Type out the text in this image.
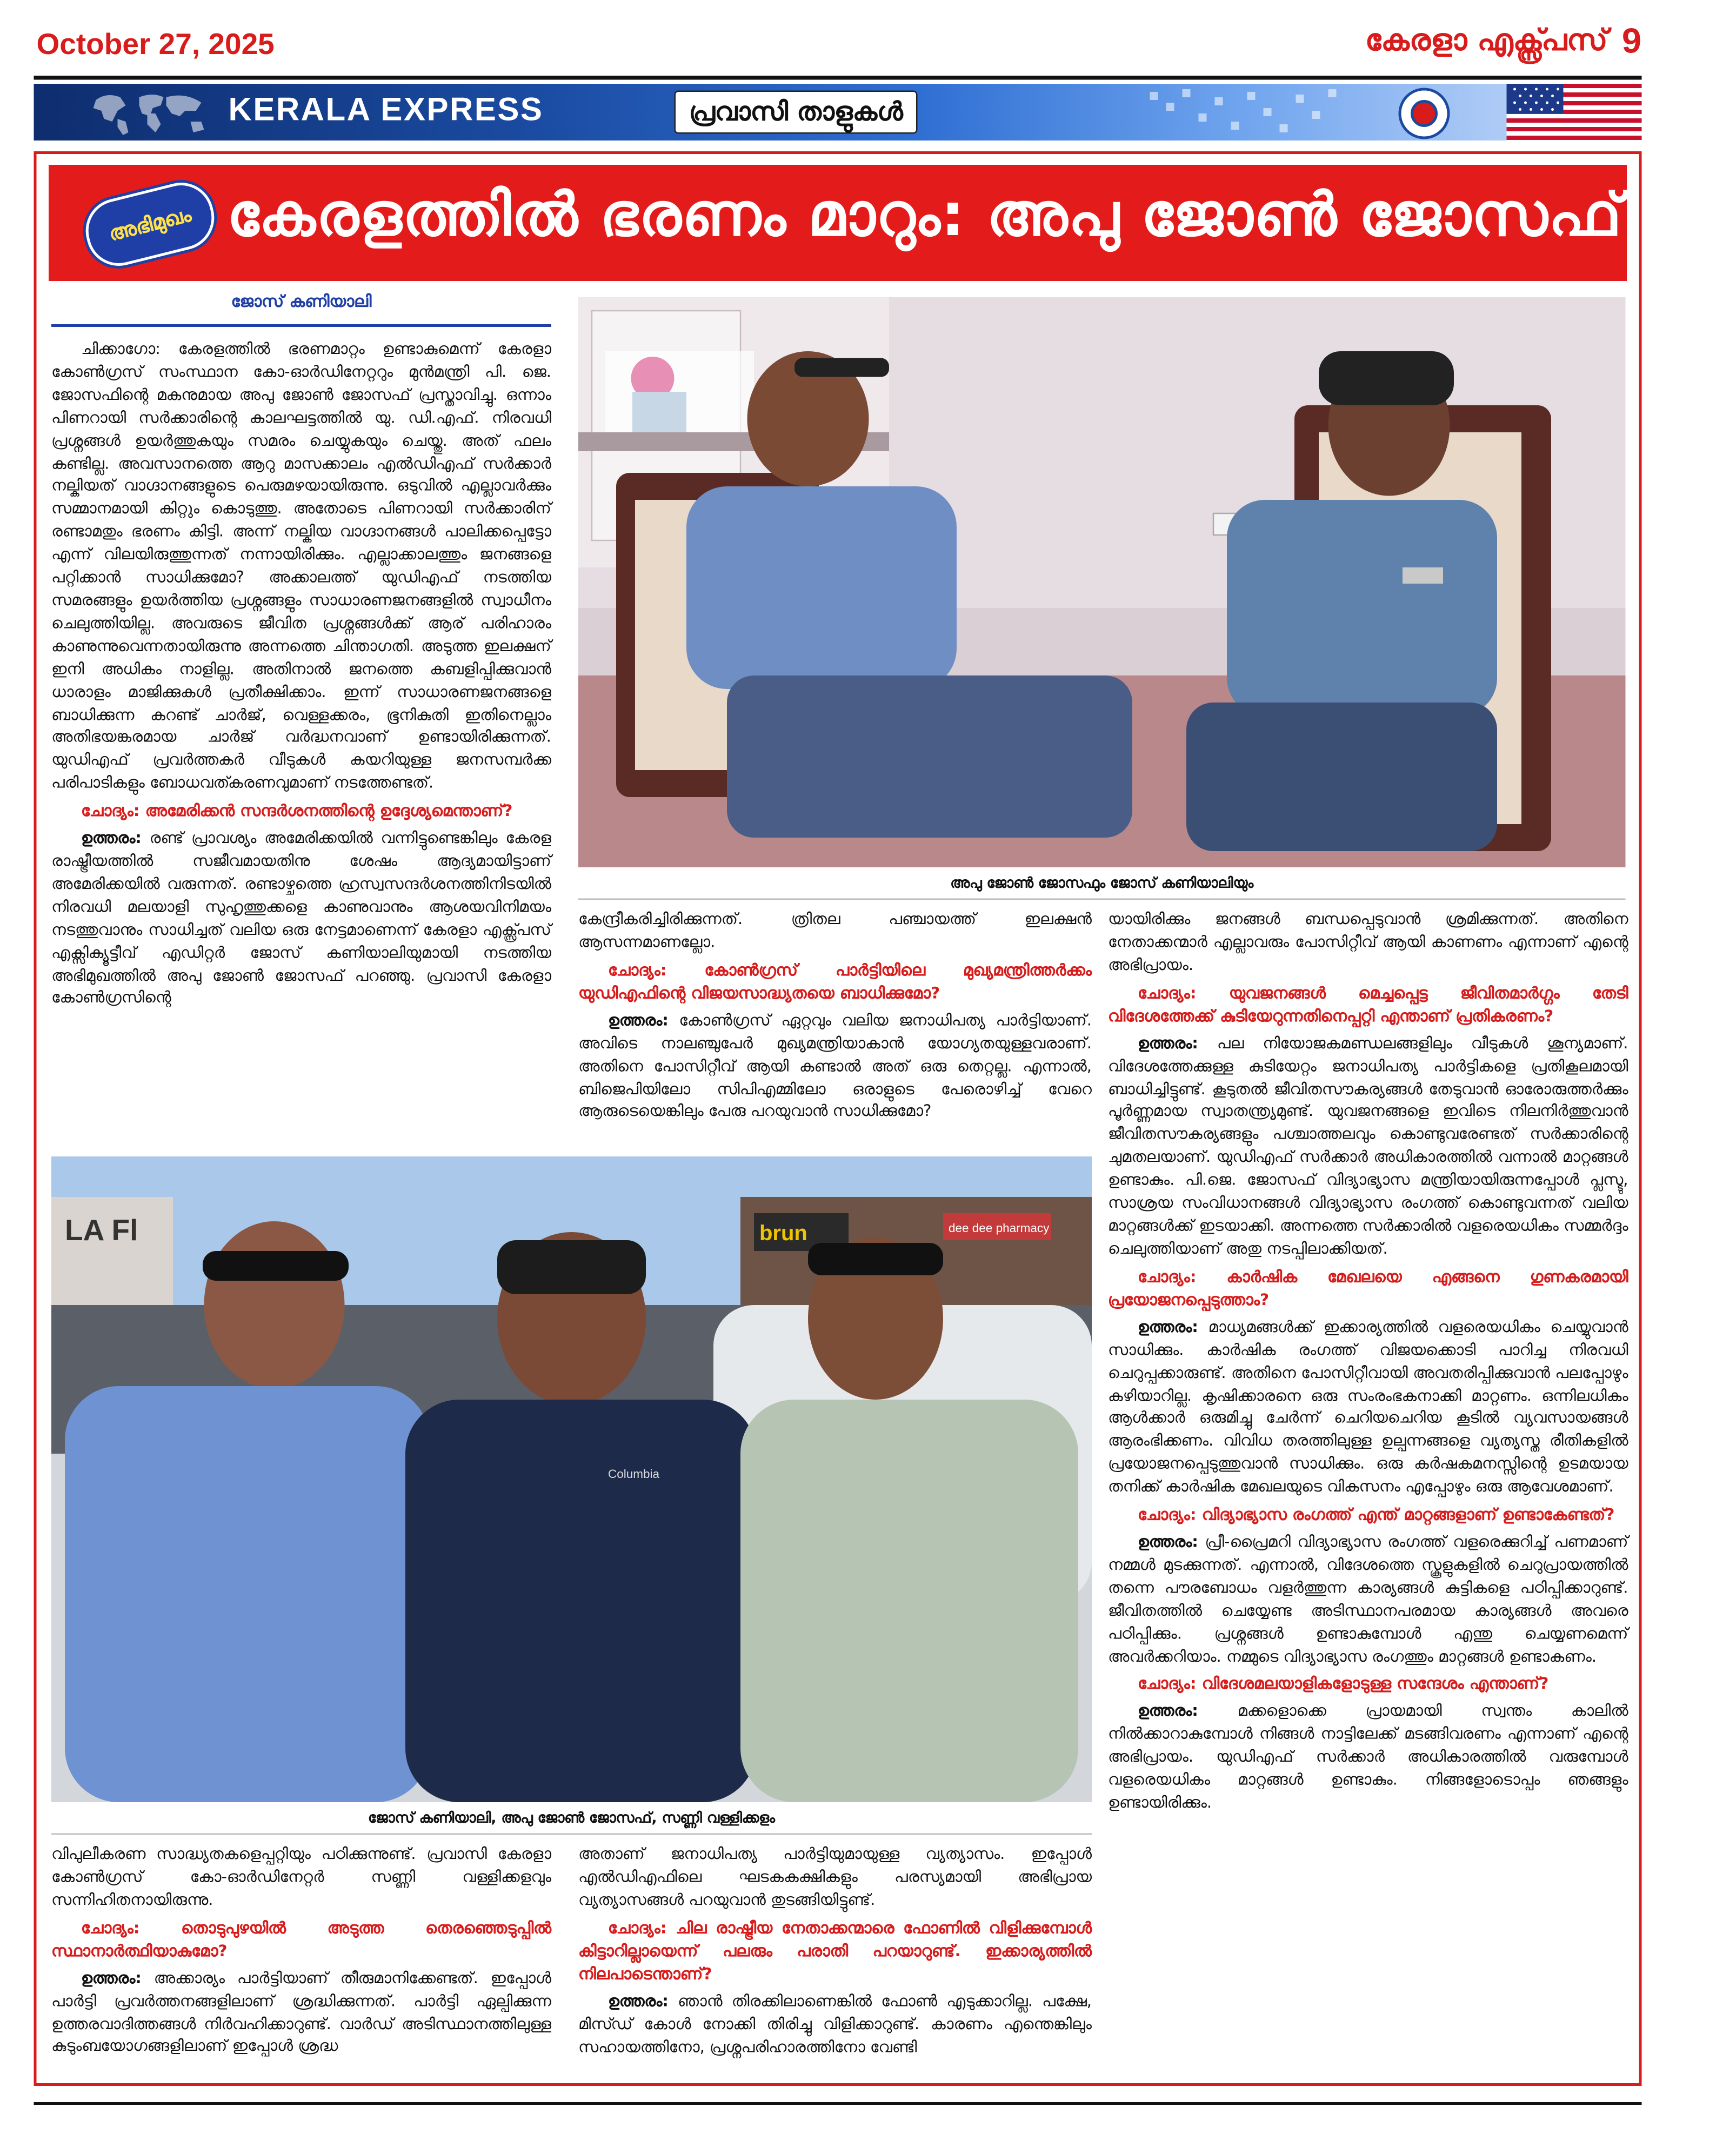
October 27, 2025	കേരളാ എക്സ്പ്രസ് 9
KERALA EXPRESS	പ്രവാസി താളുകൾ
അഭിമുഖം	കേരളത്തിൽ ഭരണം മാറും: അപു ജോൺ ജോസഫ്
ജോസ് കണിയാലി

ചിക്കാഗോ: കേരളത്തിൽ ഭരണമാറ്റം ഉണ്ടാകുമെന്ന് കേരളാ കോൺഗ്രസ് സംസ്ഥാന കോ-ഓർഡിനേറ്ററും മുൻമന്ത്രി പി. ജെ. ജോസഫിന്റെ മകനുമായ അപു ജോൺ ജോസഫ് പ്രസ്താവിച്ചു. ഒന്നാം പിണറായി സർക്കാരിന്റെ കാലഘട്ടത്തിൽ യു. ഡി.എഫ്. നിരവധി പ്രശ്നങ്ങൾ ഉയർത്തുകയും സമരം ചെയ്യുകയും ചെയ്തു. അത് ഫലം കണ്ടില്ല. അവസാനത്തെ ആറു മാസക്കാലം എൽഡിഎഫ് സർക്കാർ നല്കിയത് വാഗ്ദാനങ്ങളുടെ പെരുമഴയായിരുന്നു. ഒടുവിൽ എല്ലാവർക്കും സമ്മാനമായി കിറ്റും കൊടുത്തു. അതോടെ പിണറായി സർക്കാരിന് രണ്ടാമതും ഭരണം കിട്ടി. അന്ന് നല്കിയ വാഗ്ദാനങ്ങൾ പാലിക്കപ്പെട്ടോ എന്ന് വിലയിരുത്തുന്നത് നന്നായിരിക്കും. എല്ലാക്കാലത്തും ജനങ്ങളെ പറ്റിക്കാൻ സാധിക്കുമോ? അക്കാലത്ത് യുഡിഎഫ് നടത്തിയ സമരങ്ങളും ഉയർത്തിയ പ്രശ്നങ്ങളും സാധാരണജനങ്ങളിൽ സ്വാധീനം ചെലുത്തിയില്ല. അവരുടെ ജീവിത പ്രശ്നങ്ങൾക്ക് ആര് പരിഹാരം കാണുന്നുവെന്നതായിരുന്നു അന്നത്തെ ചിന്താഗതി. അടുത്ത ഇലക്ഷന് ഇനി അധികം നാളില്ല. അതിനാൽ ജനത്തെ കബളിപ്പിക്കുവാൻ ധാരാളം മാജിക്കുകൾ പ്രതീക്ഷിക്കാം. ഇന്ന് സാധാരണജനങ്ങളെ ബാധിക്കുന്ന കറണ്ട് ചാർജ്, വെള്ളക്കരം, ഭൂനികുതി ഇതിനെല്ലാം അതിഭയങ്കരമായ ചാർജ് വർദ്ധനവാണ് ഉണ്ടായിരിക്കുന്നത്. യുഡിഎഫ് പ്രവർത്തകർ വീടുകൾ കയറിയുള്ള ജനസമ്പർക്ക പരിപാടികളും ബോധവത്കരണവുമാണ് നടത്തേണ്ടത്.

ചോദ്യം: അമേരിക്കൻ സന്ദർശനത്തിന്റെ ഉദ്ദേശ്യമെന്താണ്?

ഉത്തരം: രണ്ട് പ്രാവശ്യം അമേരിക്കയിൽ വന്നിട്ടുണ്ടെങ്കിലും കേരള രാഷ്ട്രീയത്തിൽ സജീവമായതിനു ശേഷം ആദ്യമായിട്ടാണ് അമേരിക്കയിൽ വരുന്നത്. രണ്ടാഴ്ചത്തെ ഹ്രസ്വസന്ദർശനത്തിനിടയിൽ നിരവധി മലയാളി സുഹൃത്തുക്കളെ കാണുവാനും ആശയവിനിമയം നടത്തുവാനും സാധിച്ചത് വലിയ ഒരു നേട്ടമാണെന്ന് കേരളാ എക്സ്പ്രസ് എക്സിക്യൂട്ടീവ് എഡിറ്റർ ജോസ് കണിയാലിയുമായി നടത്തിയ അഭിമുഖത്തിൽ അപു ജോൺ ജോസഫ് പറഞ്ഞു. പ്രവാസി കേരളാ കോൺഗ്രസിന്റെ

അപു ജോൺ ജോസഫും ജോസ് കണിയാലിയും

കേന്ദ്രീകരിച്ചിരിക്കുന്നത്. ത്രിതല പഞ്ചായത്ത് ഇലക്ഷൻ ആസന്നമാണല്ലോ.

ചോദ്യം: കോൺഗ്രസ് പാർട്ടിയിലെ മുഖ്യമന്ത്രിത്തർക്കം യുഡിഎഫിന്റെ വിജയസാദ്ധ്യതയെ ബാധിക്കുമോ?

ഉത്തരം: കോൺഗ്രസ് ഏറ്റവും വലിയ ജനാധിപത്യ പാർട്ടിയാണ്. അവിടെ നാലഞ്ചുപേർ മുഖ്യമന്ത്രിയാകാൻ യോഗ്യതയുള്ളവരാണ്. അതിനെ പോസിറ്റീവ് ആയി കണ്ടാൽ അത് ഒരു തെറ്റല്ല. എന്നാൽ, ബിജെപിയിലോ സിപിഎമ്മിലോ ഒരാളുടെ പേരൊഴിച്ച് വേറെ ആരുടെയെങ്കിലും പേരു പറയുവാൻ സാധിക്കുമോ?

യായിരിക്കും ജനങ്ങൾ ബന്ധപ്പെടുവാൻ ശ്രമിക്കുന്നത്. അതിനെ നേതാക്കന്മാർ എല്ലാവരും പോസിറ്റീവ് ആയി കാണണം എന്നാണ് എന്റെ അഭിപ്രായം.

ചോദ്യം: യുവജനങ്ങൾ മെച്ചപ്പെട്ട ജീവിതമാർഗ്ഗം തേടി വിദേശത്തേക്ക് കുടിയേറുന്നതിനെപ്പറ്റി എന്താണ് പ്രതികരണം?

ഉത്തരം:	പല നിയോജകമണ്ഡലങ്ങളിലും വീടുകൾ ശൂന്യമാണ്. വിദേശത്തേക്കുള്ള കുടിയേറ്റം ജനാധിപത്യ പാർട്ടികളെ പ്രതികൂലമായി ബാധിച്ചിട്ടുണ്ട്. കൂടുതൽ ജീവിതസൗകര്യങ്ങൾ തേടുവാൻ ഓരോരുത്തർക്കും പൂർണ്ണമായ സ്വാതന്ത്ര്യമുണ്ട്. യുവജനങ്ങളെ ഇവിടെ നിലനിർത്തുവാൻ ജീവിതസൗകര്യങ്ങളും പശ്ചാത്തലവും കൊണ്ടുവരേണ്ടത് സർക്കാരിന്റെ ചുമതലയാണ്. യുഡിഎഫ് സർക്കാർ അധികാരത്തിൽ വന്നാൽ മാറ്റങ്ങൾ ഉണ്ടാകും. പി.ജെ. ജോസഫ് വിദ്യാഭ്യാസ മന്ത്രിയായിരുന്നപ്പോൾ പ്ലസ്ടു, സാശ്രയ സംവിധാനങ്ങൾ വിദ്യാഭ്യാസ രംഗത്ത് കൊണ്ടുവന്നത് വലിയ മാറ്റങ്ങൾക്ക് ഇടയാക്കി. അന്നത്തെ സർക്കാരിൽ വളരെയധികം സമ്മർദ്ദം ചെലുത്തിയാണ് അതു നടപ്പിലാക്കിയത്.

ചോദ്യം: കാർഷിക മേഖലയെ എങ്ങനെ ഗുണകരമായി പ്രയോജനപ്പെടുത്താം?

ഉത്തരം: മാധ്യമങ്ങൾക്ക് ഇക്കാര്യത്തിൽ വളരെയധികം ചെയ്യുവാൻ സാധിക്കും. കാർഷിക രംഗത്ത് വിജയക്കൊടി പാറിച്ച നിരവധി ചെറുപ്പക്കാരുണ്ട്. അതിനെ പോസിറ്റീവായി അവതരിപ്പിക്കുവാൻ പലപ്പോഴും കഴിയാറില്ല. കൃഷിക്കാരനെ ഒരു സംരംഭകനാക്കി മാറ്റണം. ഒന്നിലധികം ആൾക്കാർ ഒരുമിച്ചു ചേർന്ന് ചെറിയചെറിയ കൂടിൽ വ്യവസായങ്ങൾ ആരംഭിക്കണം. വിവിധ തരത്തിലുള്ള ഉല്പന്നങ്ങളെ വ്യത്യസ്ത രീതികളിൽ പ്രയോജനപ്പെടുത്തുവാൻ സാധിക്കും. ഒരു കർഷകമനസ്സിന്റെ ഉടമയായ തനിക്ക് കാർഷിക മേഖലയുടെ വികസനം എപ്പോഴും ഒരു ആവേശമാണ്.

ചോദ്യം: വിദ്യാഭ്യാസ രംഗത്ത് എന്ത് മാറ്റങ്ങളാണ് ഉണ്ടാകേണ്ടത്?

ഉത്തരം: പ്രീ-പ്രൈമറി വിദ്യാഭ്യാസ രംഗത്ത് വളരെക്കുറിച്ച് പണമാണ് നമ്മൾ മുടക്കുന്നത്. എന്നാൽ, വിദേശത്തെ സ്കൂളുകളിൽ ചെറുപ്രായത്തിൽ തന്നെ പൗരബോധം വളർത്തുന്ന കാര്യങ്ങൾ കുട്ടികളെ പഠിപ്പിക്കാറുണ്ട്. ജീവിതത്തിൽ ചെയ്യേണ്ട അടിസ്ഥാനപരമായ കാര്യങ്ങൾ അവരെ പഠിപ്പിക്കും. പ്രശ്നങ്ങൾ ഉണ്ടാകുമ്പോൾ എന്തു ചെയ്യണമെന്ന് അവർക്കറിയാം. നമ്മുടെ വിദ്യാഭ്യാസ രംഗത്തും മാറ്റങ്ങൾ ഉണ്ടാകണം.

ചോദ്യം: വിദേശമലയാളികളോടുള്ള സന്ദേശം എന്താണ്?

ഉത്തരം:	മക്കളൊക്കെ പ്രായമായി സ്വന്തം കാലിൽ നിൽക്കാറാകുമ്പോൾ നിങ്ങൾ നാട്ടിലേക്ക് മടങ്ങിവരണം എന്നാണ് എന്റെ അഭിപ്രായം. യുഡിഎഫ് സർക്കാർ അധികാരത്തിൽ വരുമ്പോൾ വളരെയധികം മാറ്റങ്ങൾ ഉണ്ടാകും. നിങ്ങളോടൊപ്പം ഞങ്ങളും ഉണ്ടായിരിക്കും.

LA Fl	brun	dee dee pharmacy
Columbia
ജോസ് കണിയാലി, അപു ജോൺ ജോസഫ്, സണ്ണി വള്ളിക്കളം

വിപുലീകരണ സാദ്ധ്യതകളെപ്പറ്റിയും പഠിക്കുന്നുണ്ട്. പ്രവാസി കേരളാ കോൺഗ്രസ് കോ-ഓർഡിനേറ്റർ സണ്ണി വള്ളിക്കളവും സന്നിഹിതനായിരുന്നു.

ചോദ്യം: തൊടുപുഴയിൽ അടുത്ത തെരഞ്ഞെടുപ്പിൽ സ്ഥാനാർത്ഥിയാകുമോ?

ഉത്തരം: അക്കാര്യം പാർട്ടിയാണ് തീരുമാനിക്കേണ്ടത്. ഇപ്പോൾ പാർട്ടി പ്രവർത്തനങ്ങളിലാണ് ശ്രദ്ധിക്കുന്നത്. പാർട്ടി ഏല്പിക്കുന്ന ഉത്തരവാദിത്തങ്ങൾ നിർവഹിക്കാറുണ്ട്. വാർഡ് അടിസ്ഥാനത്തിലുള്ള കുടുംബയോഗങ്ങളിലാണ് ഇപ്പോൾ ശ്രദ്ധ

അതാണ് ജനാധിപത്യ പാർട്ടിയുമായുള്ള വ്യത്യാസം. ഇപ്പോൾ എൽഡിഎഫിലെ ഘടകകക്ഷികളും പരസ്യമായി അഭിപ്രായ വ്യത്യാസങ്ങൾ പറയുവാൻ തുടങ്ങിയിട്ടുണ്ട്.

ചോദ്യം: ചില രാഷ്ട്രീയ നേതാക്കന്മാരെ ഫോണിൽ വിളിക്കുമ്പോൾ കിട്ടാറില്ലായെന്ന് പലരും പരാതി പറയാറുണ്ട്. ഇക്കാര്യത്തിൽ നിലപാടെന്താണ്?

ഉത്തരം: ഞാൻ തിരക്കിലാണെങ്കിൽ ഫോൺ എടുക്കാറില്ല. പക്ഷേ, മിസ്ഡ് കോൾ നോക്കി തിരിച്ചു വിളിക്കാറുണ്ട്. കാരണം എന്തെങ്കിലും സഹായത്തിനോ, പ്രശ്നപരിഹാരത്തിനോ വേണ്ടി
